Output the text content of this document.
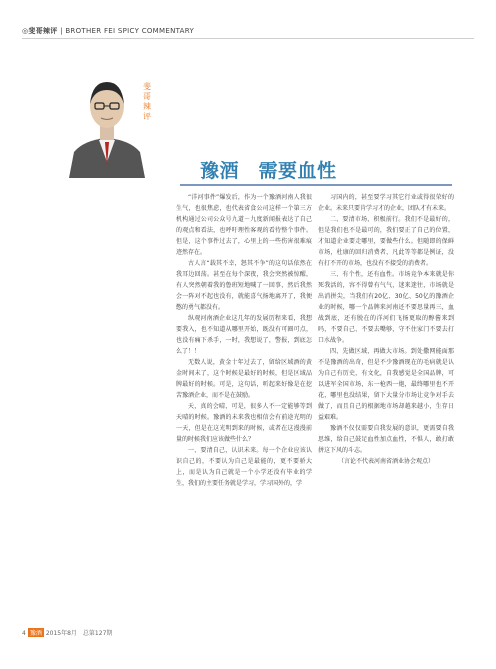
◎斐哥辣评 | BROTHER FEI SPICY COMMENTARY
斐哥辣评
豫酒　需要血性

“洋河事件”爆发后，作为一个豫酒河南人我很生气，也很焦虑，也代表省食公司这样一个第三方机构通过公司公众号九道－九度新闻报表达了自己的观点和看法，也呼吁理性客观的看待整个事件。但是，这个事件过去了，心里上的一些伤害很难痕迹然存在。

古人言“载其不幸，怒其不争”的这句话依然在我耳边回荡。甚至在每个深夜，我会突然被惊醒，有人突然朝着我的鲁班短地喊了一回事，然后我然会一阵对不起也没有，就能喜气扬地离开了，我便憋的勇气都没有。

纵观河南酒企业这几年的发展历程来看，我想要我入，也不知道从哪里开始，既没有可圈可点，也没有痛下杀手，一时，我想说了，警报，到底怎么了！！

无数人说，黄金十年过去了，留给区域酒的黄金时间未了，这个时候是最好的时候，但是区域品牌最好的时候。可是，这句话，听起来好像是在挖苦豫酒企业，而不是在鼓励。

天，真的会晴，可是，很多人不一定能够等到天晴的时候。豫酒的未来我也相信会有前途光明的一天，但是在这光明到来的时候，或者在这漫漫前量的时候我们应该做些什么？

一、要清自己，认识未来。每一个企业应该认识自己的，不要认为自己是最能的，更不要骄大上，而是认为自己就是一个小学还没有毕业的学生，我们的主要任务就是学习，学习国外的，学

习国内的，甚至要学习其它行业或得很荣好的企业。未来只要肯学习才的企业，团队才有未来。

二、要清市场，积极前行。我们不是最好的，但是我们也不是最可的，我们要正了自己的位置，才知道企业要走哪里，要做些什么。但随即的保鲜市场，杜康的回归消费者，凡此等等都是例证，没有打不开的市场，也没有不接受的消费者。

三、有个性，还有血性。市场竞争本来就是你死我活的，容不得曾有气气，迷来迷往，市场就是出消拼尖，当我们有20亿、30亿、50亿的豫酒企业的时候，哪一个品牌来河南还不要思量再三，血战到底，还有脱在的洋河们飞扬更取的醇酱来到吗，不要自己、不要去嘴够，守不住家门不要去打口水战争。

四、先做区域，再做大市场。到处撒网能面那不是豫酒的出奇，但是不少豫酒现在的毛病就是认为自己有历史，有文化，自我感觉是全国品牌，可以进军全国市场，东一枪西一炮，最终哪里也不开花，哪里也没结果，留下大量分市场让竞争对手去做了，而且自己的根据地市场却越来越小，生存日益艰难。

豫酒不仅仅需要自我发展的意识，更需要自我思维，给自己鼓足血性加点血性，不惧人，敢打敢拼这下风的斗志。

（言论不代表河南省酒业协会观点）

4 豫酒 2015年8月　总第127期
